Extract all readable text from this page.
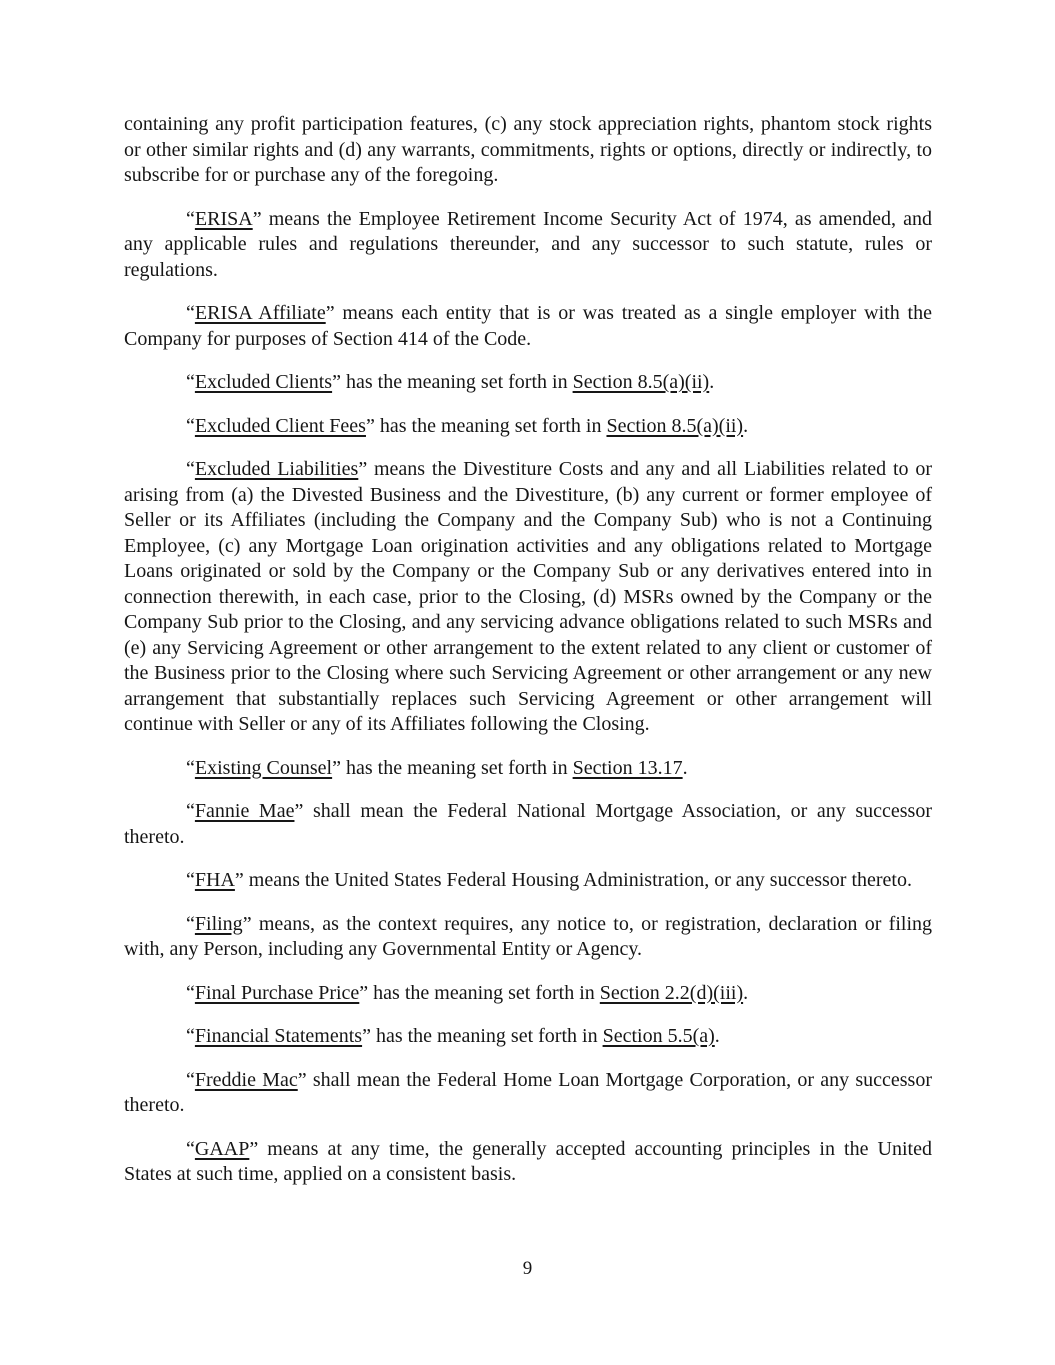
containing any profit participation features, (c) any stock appreciation rights, phantom stock rights or other similar rights and (d) any warrants, commitments, rights or options, directly or indirectly, to subscribe for or purchase any of the foregoing.

“ERISA” means the Employee Retirement Income Security Act of 1974, as amended, and any applicable rules and regulations thereunder, and any successor to such statute, rules or regulations.

“ERISA Affiliate” means each entity that is or was treated as a single employer with the Company for purposes of Section 414 of the Code.

“Excluded Clients” has the meaning set forth in Section 8.5(a)(ii).

“Excluded Client Fees” has the meaning set forth in Section 8.5(a)(ii).

“Excluded Liabilities” means the Divestiture Costs and any and all Liabilities related to or arising from (a) the Divested Business and the Divestiture, (b) any current or former employee of Seller or its Affiliates (including the Company and the Company Sub) who is not a Continuing Employee, (c) any Mortgage Loan origination activities and any obligations related to Mortgage Loans originated or sold by the Company or the Company Sub or any derivatives entered into in connection therewith, in each case, prior to the Closing, (d) MSRs owned by the Company or the Company Sub prior to the Closing, and any servicing advance obligations related to such MSRs and (e) any Servicing Agreement or other arrangement to the extent related to any client or customer of the Business prior to the Closing where such Servicing Agreement or other arrangement or any new arrangement that substantially replaces such Servicing Agreement or other arrangement will continue with Seller or any of its Affiliates following the Closing.

“Existing Counsel” has the meaning set forth in Section 13.17.

“Fannie Mae” shall mean the Federal National Mortgage Association, or any successor thereto.

“FHA” means the United States Federal Housing Administration, or any successor thereto.

“Filing” means, as the context requires, any notice to, or registration, declaration or filing with, any Person, including any Governmental Entity or Agency.

“Final Purchase Price” has the meaning set forth in Section 2.2(d)(iii).

“Financial Statements” has the meaning set forth in Section 5.5(a).

“Freddie Mac” shall mean the Federal Home Loan Mortgage Corporation, or any successor thereto.

“GAAP” means at any time, the generally accepted accounting principles in the United States at such time, applied on a consistent basis.

9
